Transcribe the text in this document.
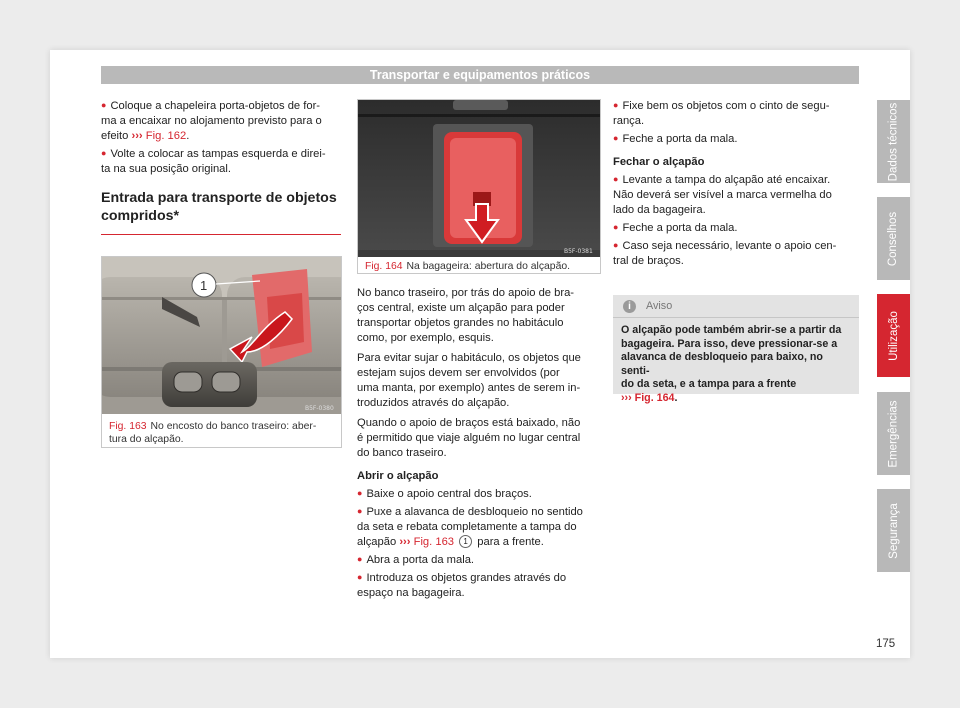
Transportar e equipamentos práticos

● Coloque a chapeleira porta-objetos de for-
ma a encaixar no alojamento previsto para o
efeito ››› Fig. 162.

● Volte a colocar as tampas esquerda e direi-
ta na sua posição original.

Entrada para transporte de objetos
compridos*
1
B5F-0380
Fig. 163 No encosto do banco traseiro: aber-
tura do alçapão.
B5F-0381
Fig. 164 Na bagageira: abertura do alçapão.

No banco traseiro, por trás do apoio de bra-
ços central, existe um alçapão para poder
transportar objetos grandes no habitáculo
como, por exemplo, esquis.

Para evitar sujar o habitáculo, os objetos que
estejam sujos devem ser envolvidos (por
uma manta, por exemplo) antes de serem in-
troduzidos através do alçapão.

Quando o apoio de braços está baixado, não
é permitido que viaje alguém no lugar central
do banco traseiro.

Abrir o alçapão

● Baixe o apoio central dos braços.

● Puxe a alavanca de desbloqueio no sentido
da seta e rebata completamente a tampa do
alçapão ››› Fig. 163 1 para a frente.

● Abra a porta da mala.

● Introduza os objetos grandes através do
espaço na bagageira.

● Fixe bem os objetos com o cinto de segu-
rança.

● Feche a porta da mala.

Fechar o alçapão

● Levante a tampa do alçapão até encaixar.
Não deverá ser visível a marca vermelha do
lado da bagageira.

● Feche a porta da mala.

● Caso seja necessário, levante o apoio cen-
tral de braços.

i	Aviso
O alçapão pode também abrir-se a partir da
bagageira. Para isso, deve pressionar-se a
alavanca de desbloqueio para baixo, no senti-
do da seta, e a tampa para a frente
››› Fig. 164.
Dados técnicos
Conselhos
Utilização
Emergências
Segurança
175
